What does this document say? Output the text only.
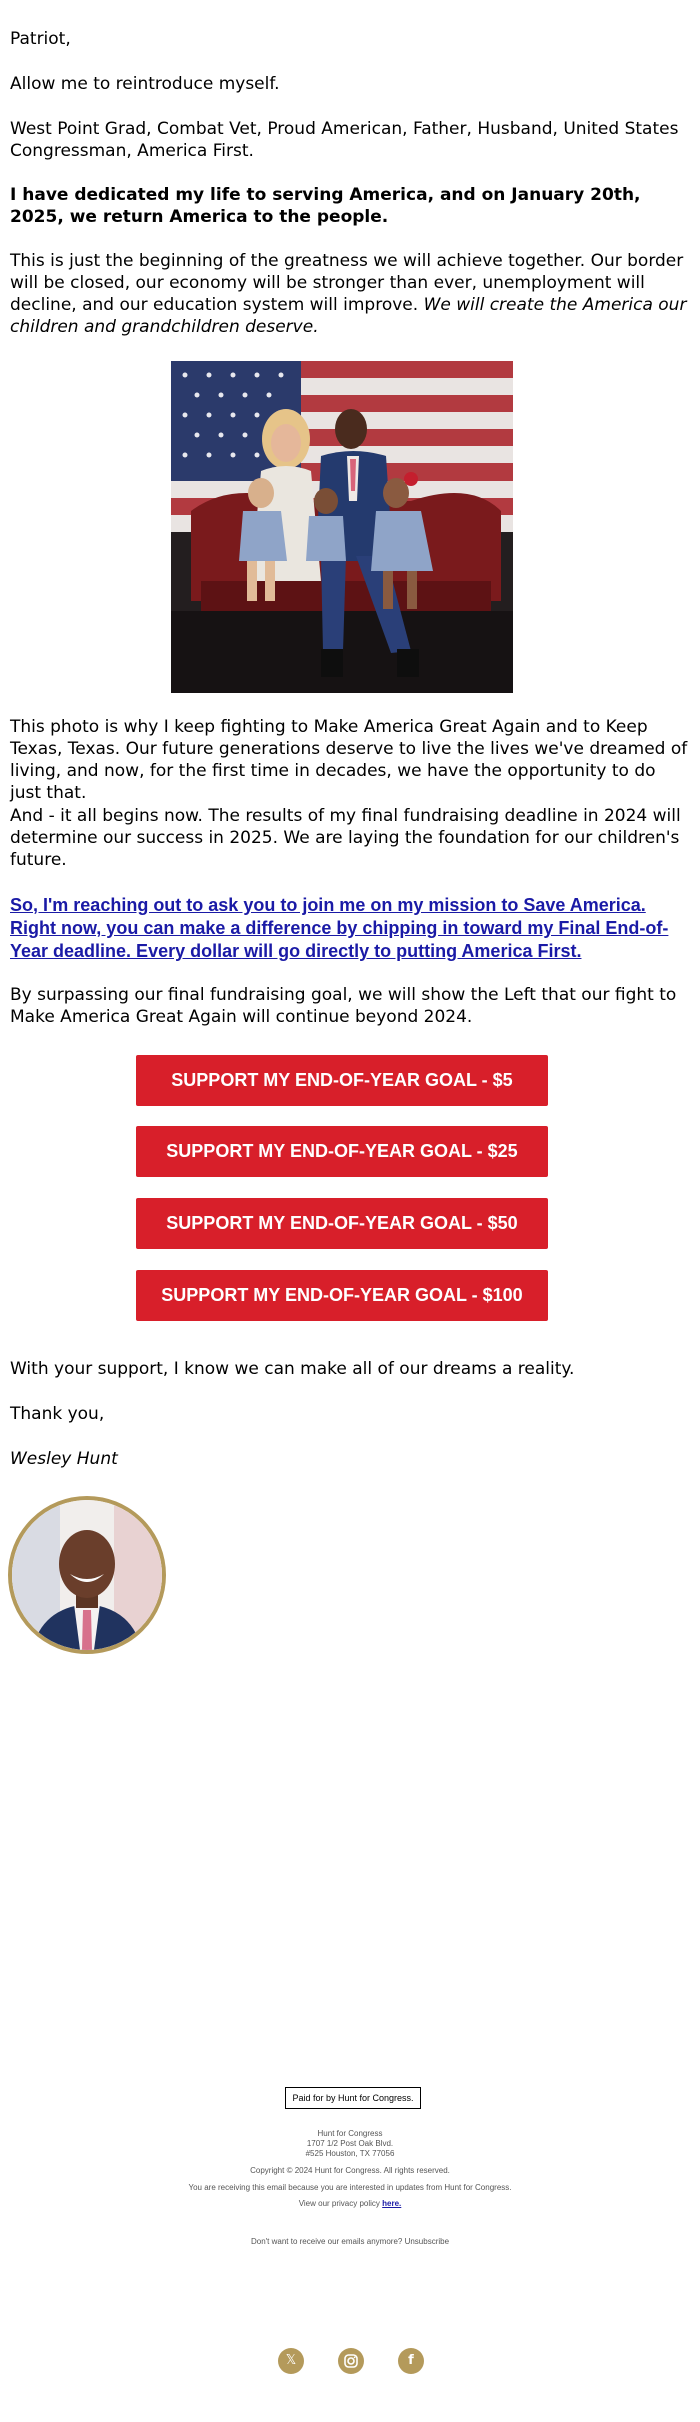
Patriot,

Allow me to reintroduce myself.

West Point Grad, Combat Vet, Proud American, Father, Husband, United States Congressman, America First.

I have dedicated my life to serving America, and on January 20th, 2025, we return America to the people.

This is just the beginning of the greatness we will achieve together. Our border will be closed, our economy will be stronger than ever, unemployment will decline, and our education system will improve. We will create the America our children and grandchildren deserve.

This photo is why I keep fighting to Make America Great Again and to Keep Texas, Texas. Our future generations deserve to live the lives we've dreamed of living, and now, for the first time in decades, we have the opportunity to do just that.

And - it all begins now. The results of my final fundraising deadline in 2024 will determine our success in 2025. We are laying the foundation for our children's future.

So, I'm reaching out to ask you to join me on my mission to Save America. Right now, you can make a difference by chipping in toward my Final End-of-Year deadline. Every dollar will go directly to putting America First.

By surpassing our final fundraising goal, we will show the Left that our fight to Make America Great Again will continue beyond 2024.

With your support, I know we can make all of our dreams a reality.

Thank you,

Wesley Hunt

SUPPORT MY END-OF-YEAR GOAL - $5
SUPPORT MY END-OF-YEAR GOAL - $25
SUPPORT MY END-OF-YEAR GOAL - $50
SUPPORT MY END-OF-YEAR GOAL - $100
Paid for by Hunt for Congress.
Hunt for Congress
1707 1/2 Post Oak Blvd.
#525 Houston, TX 77056
Copyright © 2024 Hunt for Congress. All rights reserved.
You are receiving this email because you are interested in updates from Hunt for Congress.
View our privacy policy here.
Don't want to receive our emails anymore? Unsubscribe
𝕏	f
